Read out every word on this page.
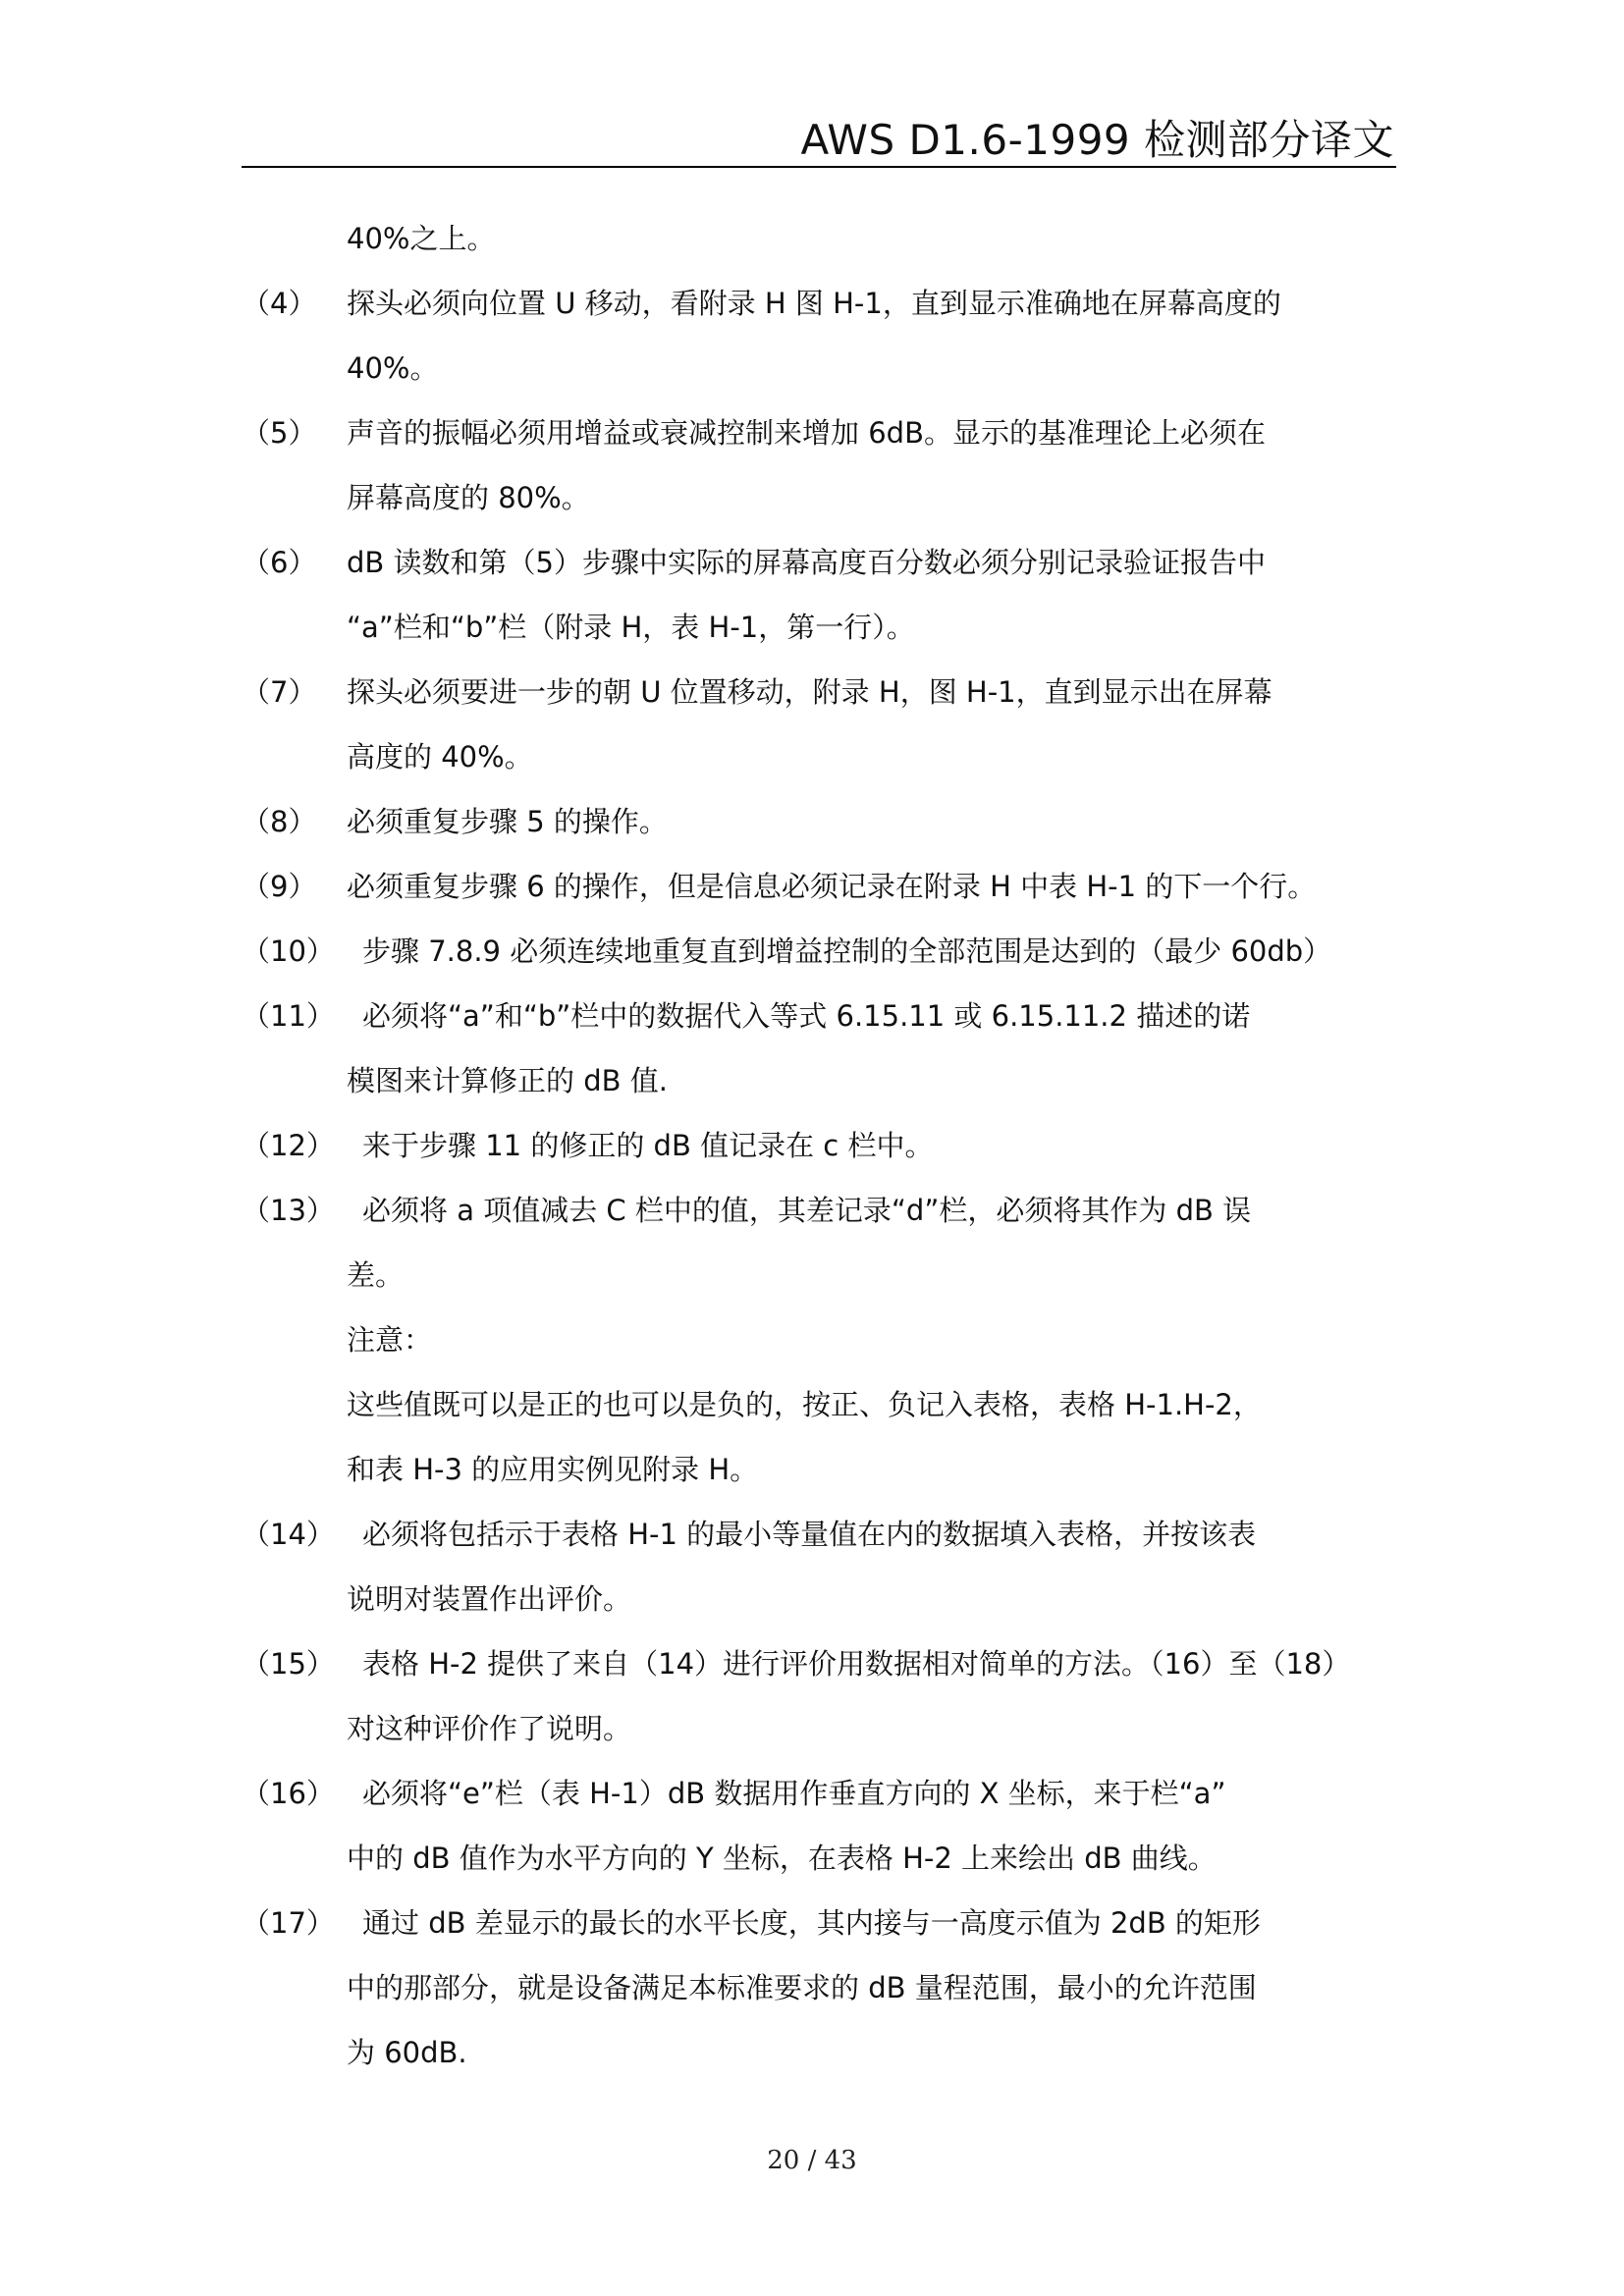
AWS D1.6-1999 检测部分译文
40%之上。
（4） 探头必须向位置 U 移动，看附录 H 图 H-1，直到显示准确地在屏幕高度的
40%。
（5） 声音的振幅必须用增益或衰减控制来增加 6dB。显示的基准理论上必须在
屏幕高度的 80%。
（6） dB 读数和第（5）步骤中实际的屏幕高度百分数必须分别记录验证报告中
“a”栏和“b”栏（附录 H，表 H-1，第一行）。
（7） 探头必须要进一步的朝 U 位置移动，附录 H，图 H-1，直到显示出在屏幕
高度的 40%。
（8） 必须重复步骤 5 的操作。
（9） 必须重复步骤 6 的操作，但是信息必须记录在附录 H 中表 H-1 的下一个行。
（10） 步骤 7.8.9 必须连续地重复直到增益控制的全部范围是达到的（最少 60db）
（11） 必须将“a”和“b”栏中的数据代入等式 6.15.11 或 6.15.11.2 描述的诺
模图来计算修正的 dB 值.
（12） 来于步骤 11 的修正的 dB 值记录在 c 栏中。
（13） 必须将 a 项值减去 C 栏中的值，其差记录“d”栏，必须将其作为 dB 误
差。
注意：
这些值既可以是正的也可以是负的，按正、负记入表格，表格 H-1.H-2，
和表 H-3 的应用实例见附录 H。
（14） 必须将包括示于表格 H-1 的最小等量值在内的数据填入表格，并按该表
说明对装置作出评价。
（15） 表格 H-2 提供了来自（14）进行评价用数据相对简单的方法。（16）至（18）
对这种评价作了说明。
（16） 必须将“e”栏（表 H-1）dB 数据用作垂直方向的 X 坐标，来于栏“a”
中的 dB 值作为水平方向的 Y 坐标，在表格 H-2 上来绘出 dB 曲线。
（17） 通过 dB 差显示的最长的水平长度，其内接与一高度示值为 2dB 的矩形
中的那部分，就是设备满足本标准要求的 dB 量程范围，最小的允许范围
为 60dB.
20 / 43
